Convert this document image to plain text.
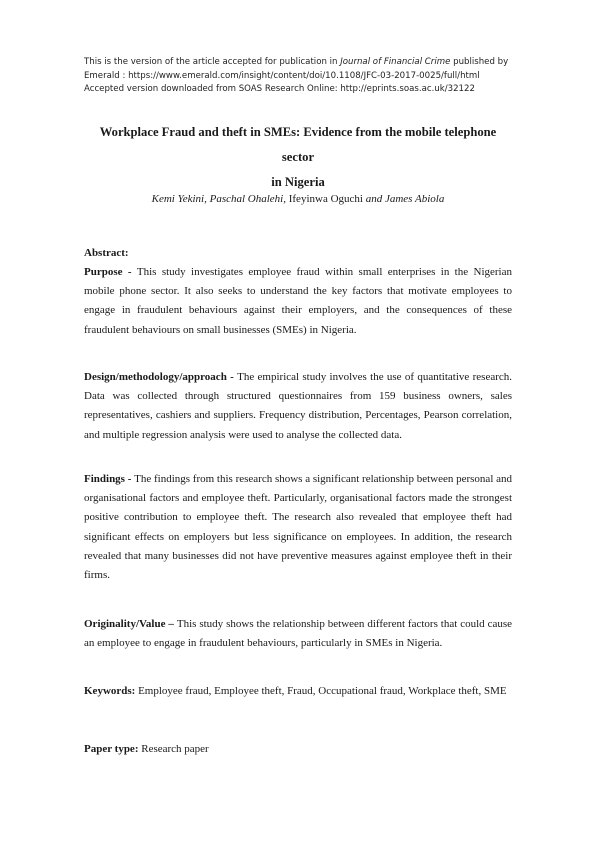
This is the version of the article accepted for publication in Journal of Financial Crime published by

Emerald : https://www.emerald.com/insight/content/doi/10.1108/JFC-03-2017-0025/full/html

Accepted version downloaded from SOAS Research Online: http://eprints.soas.ac.uk/32122

Workplace Fraud and theft in SMEs: Evidence from the mobile telephone sector
in Nigeria
Kemi Yekini, Paschal Ohalehi, Ifeyinwa Oguchi and James Abiola

Abstract:

Purpose - This study investigates employee fraud within small enterprises in the Nigerian mobile phone sector. It also seeks to understand the key factors that motivate employees to engage in fraudulent behaviours against their employers, and the consequences of these fraudulent behaviours on small businesses (SMEs) in Nigeria.

Design/methodology/approach - The empirical study involves the use of quantitative research. Data was collected through structured questionnaires from 159 business owners, sales representatives, cashiers and suppliers. Frequency distribution, Percentages, Pearson correlation, and multiple regression analysis were used to analyse the collected data.

Findings - The findings from this research shows a significant relationship between personal and organisational factors and employee theft. Particularly, organisational factors made the strongest positive contribution to employee theft. The research also revealed that employee theft had significant effects on employers but less significance on employees. In addition, the research revealed that many businesses did not have preventive measures against employee theft in their firms.

Originality/Value – This study shows the relationship between different factors that could cause an employee to engage in fraudulent behaviours, particularly in SMEs in Nigeria.

Keywords: Employee fraud, Employee theft, Fraud, Occupational fraud, Workplace theft, SME

Paper type: Research paper
